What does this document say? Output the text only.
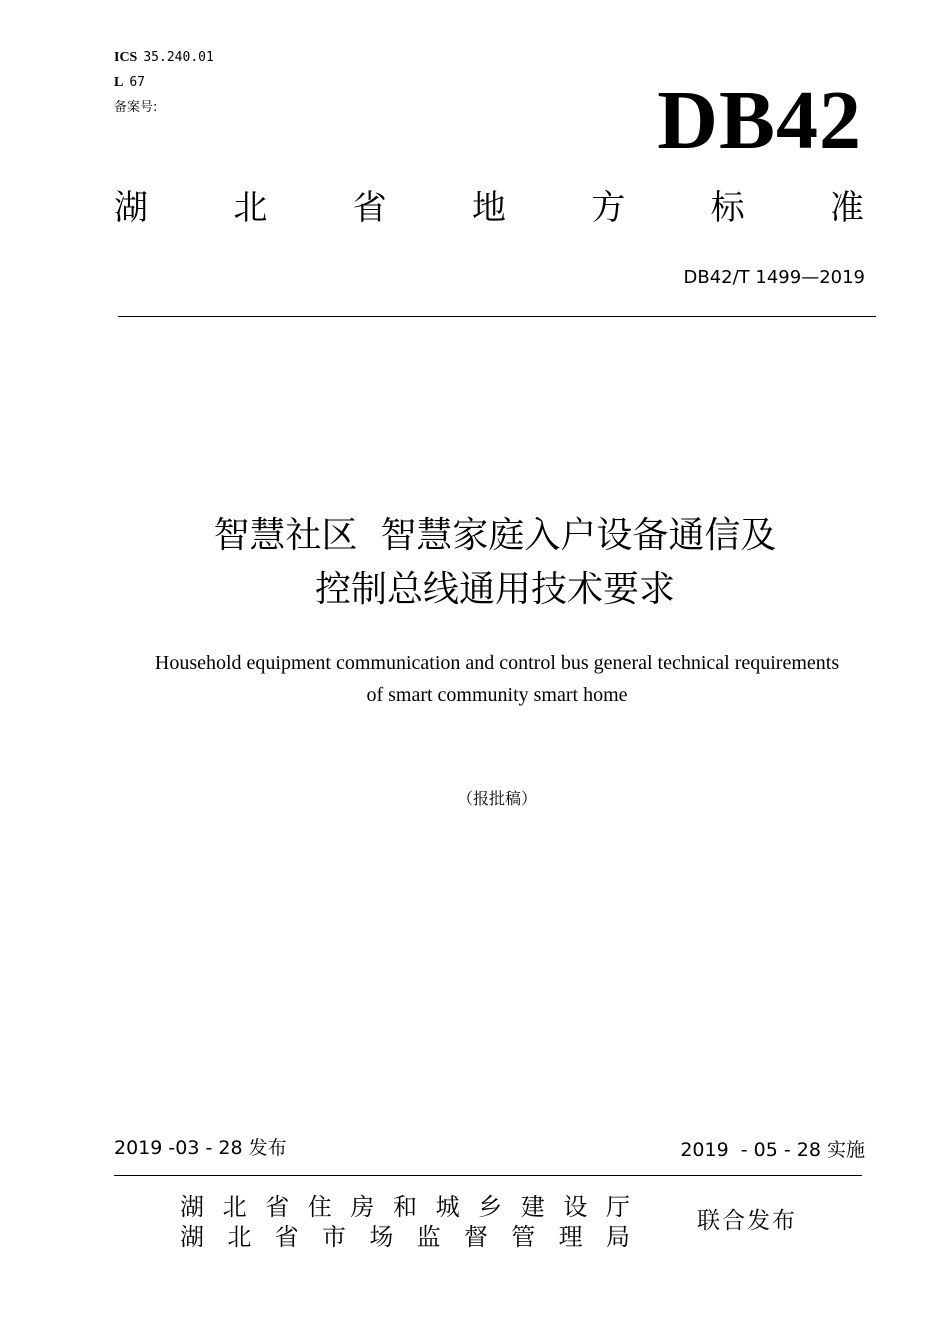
ICS 35.240.01
L 67
备案号:	DB42
湖	北	省	地	方	标	准
DB42/T 1499—2019
智慧社区  智慧家庭入户设备通信及
控制总线通用技术要求
Household equipment communication and control bus general technical requirements
of smart community smart home
（报批稿）
2019 -03 - 28 发布	2019  - 05 - 28 实施
湖 北 省 住 房 和 城 乡 建 设 厅
湖 北 省 市 场 监 督 管 理 局
联合发布
